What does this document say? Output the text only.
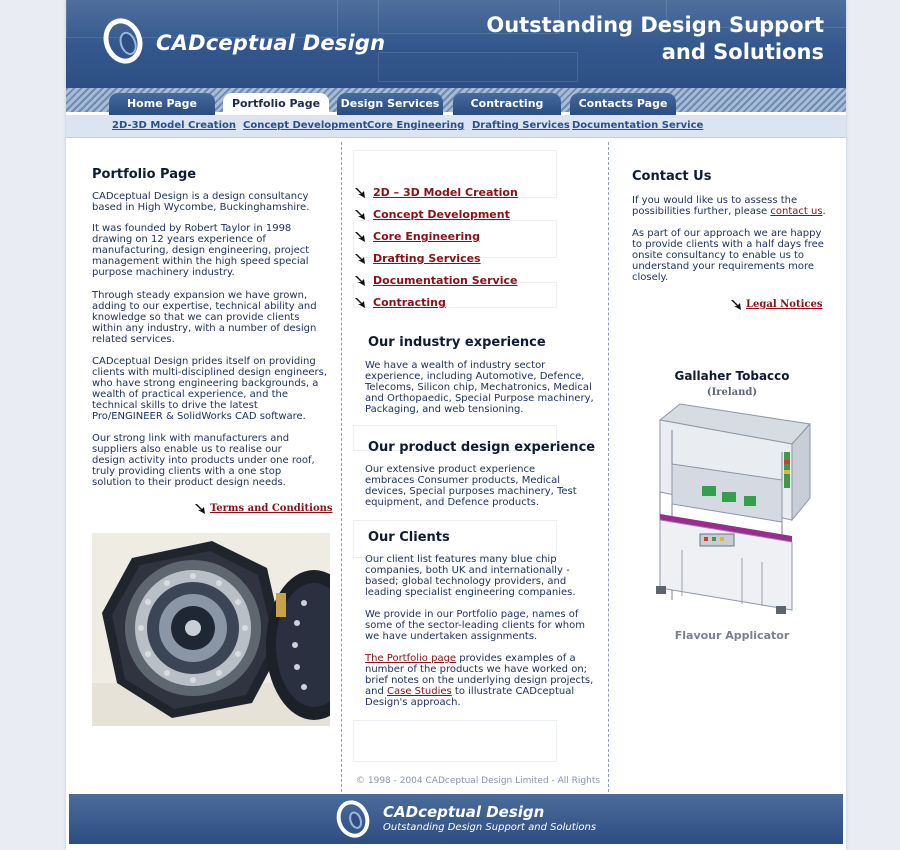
CADceptual Design
Outstanding Design Support
and Solutions
Home Page	Portfolio Page	Design Services	Contracting	Contacts Page
2D-3D Model Creation Concept Development Core Engineering Drafting Services Documentation Service
Portfolio Page

CADceptual Design is a design consultancy based in High Wycombe, Buckinghamshire.

It was founded by Robert Taylor in 1998 drawing on 12 years experience of manufacturing, design engineering, project management within the high speed special purpose machinery industry.

Through steady expansion we have grown, adding to our expertise, technical ability and knowledge so that we can provide clients within any industry, with a number of design related services.

CADceptual Design prides itself on providing clients with multi-disciplined design engineers, who have strong engineering backgrounds, a wealth of practical experience, and the technical skills to drive the latest Pro/ENGINEER & SolidWorks CAD software.

Our strong link with manufacturers and suppliers also enable us to realise our design activity into products under one roof, truly providing clients with a one stop solution to their product design needs.

Terms and Conditions
2D – 3D Model Creation
Concept Development
Core Engineering
Drafting Services
Documentation Service
Contracting
Our industry experience

We have a wealth of industry sector experience, including Automotive, Defence, Telecoms, Silicon chip, Mechatronics, Medical and Orthopaedic, Special Purpose machinery, Packaging, and web tensioning.

Our product design experience

Our extensive product experience embraces Consumer products, Medical devices, Special purposes machinery, Test equipment, and Defence products.

Our Clients

Our client list features many blue chip companies, both UK and internationally -based; global technology providers, and leading specialist engineering companies.

We provide in our Portfolio page, names of some of the sector-leading clients for whom we have undertaken assignments.

The Portfolio page provides examples of a number of the products we have worked on; brief notes on the underlying design projects, and Case Studies to illustrate CADceptual Design's approach.

© 1998 - 2004 CADceptual Design Limited - All Rights
Contact Us

If you would like us to assess the possibilities further, please contact us.

As part of our approach we are happy to provide clients with a half days free onsite consultancy to enable us to understand your requirements more closely.

Legal Notices
Gallaher Tobacco
(Ireland)
Flavour Applicator
CADceptual Design
Outstanding Design Support and Solutions
